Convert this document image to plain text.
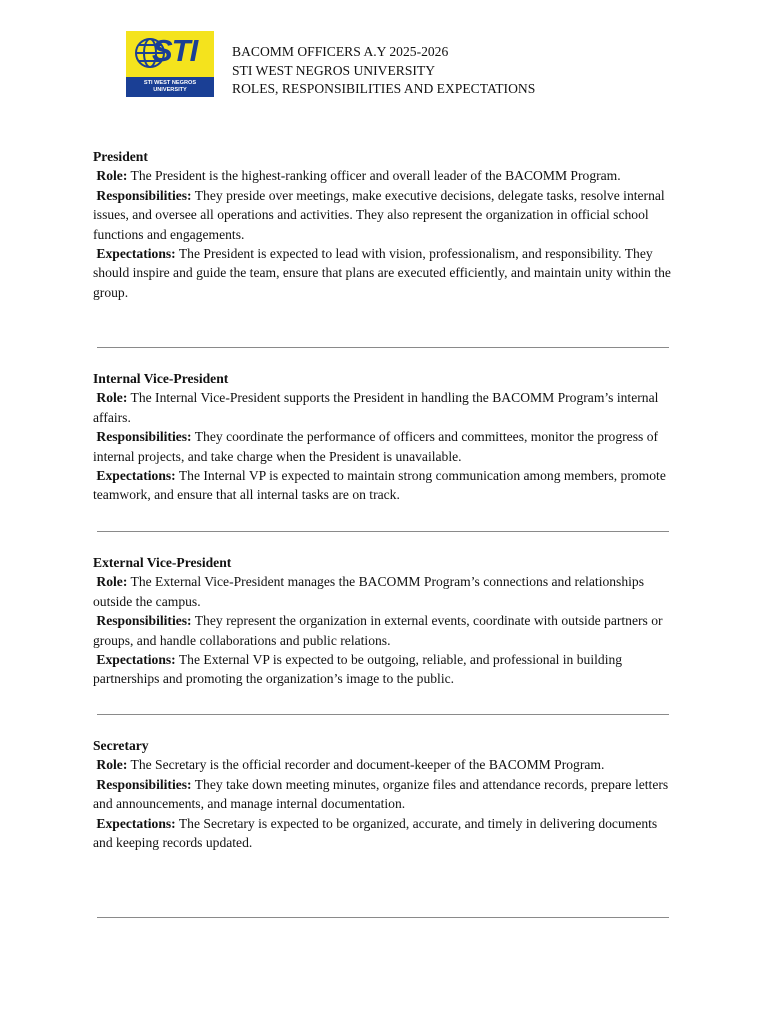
STI
STI WEST NEGROS
UNIVERSITY
BACOMM OFFICERS A.Y 2025-2026
STI WEST NEGROS UNIVERSITY
ROLES, RESPONSIBILITIES AND EXPECTATIONS
President
Role: The President is the highest-ranking officer and overall leader of the BACOMM Program.
Responsibilities: They preside over meetings, make executive decisions, delegate tasks, resolve internal issues, and oversee all operations and activities. They also represent the organization in official school functions and engagements.
Expectations: The President is expected to lead with vision, professionalism, and responsibility. They should inspire and guide the team, ensure that plans are executed efficiently, and maintain unity within the group.
Internal Vice-President
Role: The Internal Vice-President supports the President in handling the BACOMM Program’s internal affairs.
Responsibilities: They coordinate the performance of officers and committees, monitor the progress of internal projects, and take charge when the President is unavailable.
Expectations: The Internal VP is expected to maintain strong communication among members, promote teamwork, and ensure that all internal tasks are on track.
External Vice-President
Role: The External Vice-President manages the BACOMM Program’s connections and relationships outside the campus.
Responsibilities: They represent the organization in external events, coordinate with outside partners or groups, and handle collaborations and public relations.
Expectations: The External VP is expected to be outgoing, reliable, and professional in building partnerships and promoting the organization’s image to the public.
Secretary
Role: The Secretary is the official recorder and document-keeper of the BACOMM Program.
Responsibilities: They take down meeting minutes, organize files and attendance records, prepare letters and announcements, and manage internal documentation.
Expectations: The Secretary is expected to be organized, accurate, and timely in delivering documents and keeping records updated.
